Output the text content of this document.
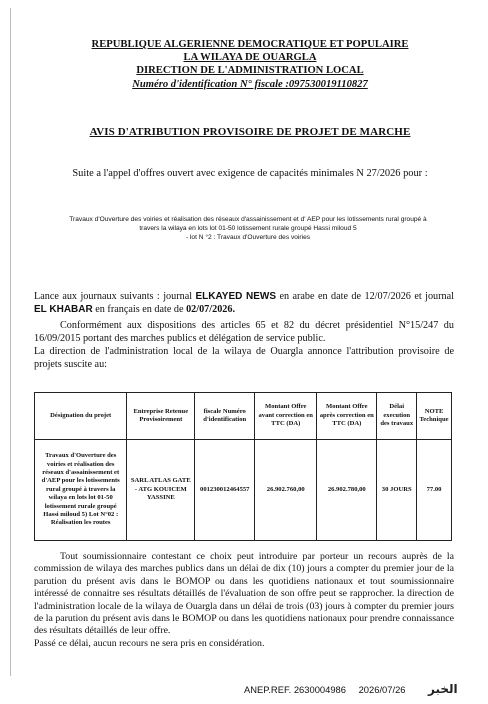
REPUBLIQUE ALGERIENNE DEMOCRATIQUE ET POPULAIRE
LA WILAYA DE OUARGLA
DIRECTION DE L'ADMINISTRATION LOCAL
Numéro d'identification N° fiscale :097530019110827
AVIS D'ATRIBUTION PROVISOIRE DE PROJET DE MARCHE
Suite a l'appel d'offres ouvert avec exigence de capacités minimales N 27/2026 pour :
Travaux d'Ouverture des voiries et réalisation des réseaux d'assainissement et d' AEP pour les lotissements rural groupé à
travers la wilaya en lots lot 01-50 lotissement rurale groupé Hassi miloud 5
- lot N °2 : Travaux d'Ouverture des voiries
Lance aux journaux suivants : journal ELKAYED NEWS en arabe en date de 12/07/2026 et journal EL KHABAR en français en date de 02/07/2026.
Conformément aux dispositions des articles 65 et 82 du décret présidentiel N°15/247 du 16/09/2015 portant des marches publics et délégation de service public.
La direction de l'administration local de la wilaya de Ouargla annonce l'attribution provisoire de projets suscite au:
Désignation du projet	Entreprise Retenue Provisoirement	fiscale Numéro d'identification	Montant Offre avant correction en TTC (DA)	Montant Offre après correction en TTC (DA)	Délai execution des travaux	NOTE Technique
Travaux d'Ouverture des voiries et réalisation des réseaux d'assainissement et d'AEP pour les lotissements rural groupé à travers la wilaya en lots lot 01-50 lotissement rurale groupé Hassi miloud 5) Lot N°02 : Réalisation les routes	SARL ATLAS GATE - ATG KOUICEM YASSINE	001230012464557	26.902.760,00	26.902.780,00	30 JOURS	77.00
Tout soumissionnaire contestant ce choix peut introduire par porteur un recours auprès de la commission de wilaya des marches publics dans un délai de dix (10) jours a compter du premier jour de la parution du présent avis dans le BOMOP ou dans les quotidiens nationaux et tout soumissionnaire intéressé de connaitre ses résultats détaillés de l'évaluation de son offre peut se rapprocher. la direction de l'administration locale de la wilaya de Ouargla dans un délai de trois (03) jours à compter du premier jours de la parution du présent avis dans le BOMOP ou dans les quotidiens nationaux pour prendre connaissance des résultats détaillés de leur offre.
Passé ce délai, aucun recours ne sera pris en considération.
ANEP.REF. 2630004986 2026/07/26	الخبر
